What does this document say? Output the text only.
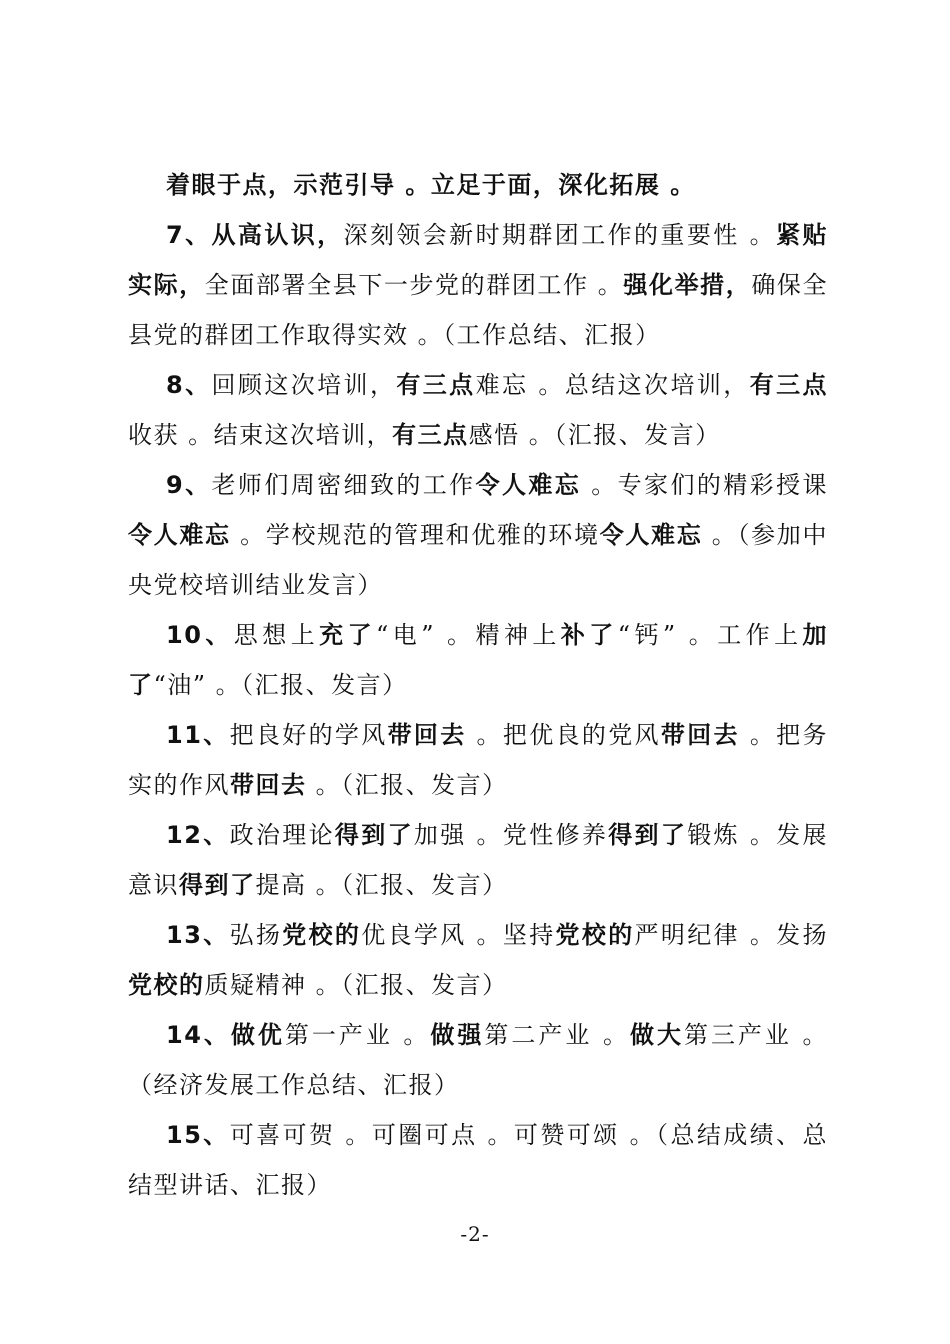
着眼于点，示范引导 。立足于面，深化拓展 。

7、从高认识，深刻领会新时期群团工作的重要性 。紧贴实际，全面部署全县下一步党的群团工作 。强化举措，确保全县党的群团工作取得实效 。（工作总结、汇报）

8、回顾这次培训，有三点难忘 。总结这次培训，有三点收获 。结束这次培训，有三点感悟 。（汇报、发言）

9、老师们周密细致的工作令人难忘 。专家们的精彩授课令人难忘 。学校规范的管理和优雅的环境令人难忘 。（参加中央党校培训结业发言）

10、思想上充了“电” 。精神上补了“钙” 。工作上加了“油” 。（汇报、发言）

11、把良好的学风带回去 。把优良的党风带回去 。把务实的作风带回去 。（汇报、发言）

12、政治理论得到了加强 。党性修养得到了锻炼 。发展意识得到了提高 。（汇报、发言）

13、弘扬党校的优良学风 。坚持党校的严明纪律 。发扬党校的质疑精神 。（汇报、发言）

14、做优第一产业 。做强第二产业 。做大第三产业 。（经济发展工作总结、汇报）

15、可喜可贺 。可圈可点 。可赞可颂 。（总结成绩、总结型讲话、汇报）

-2-
